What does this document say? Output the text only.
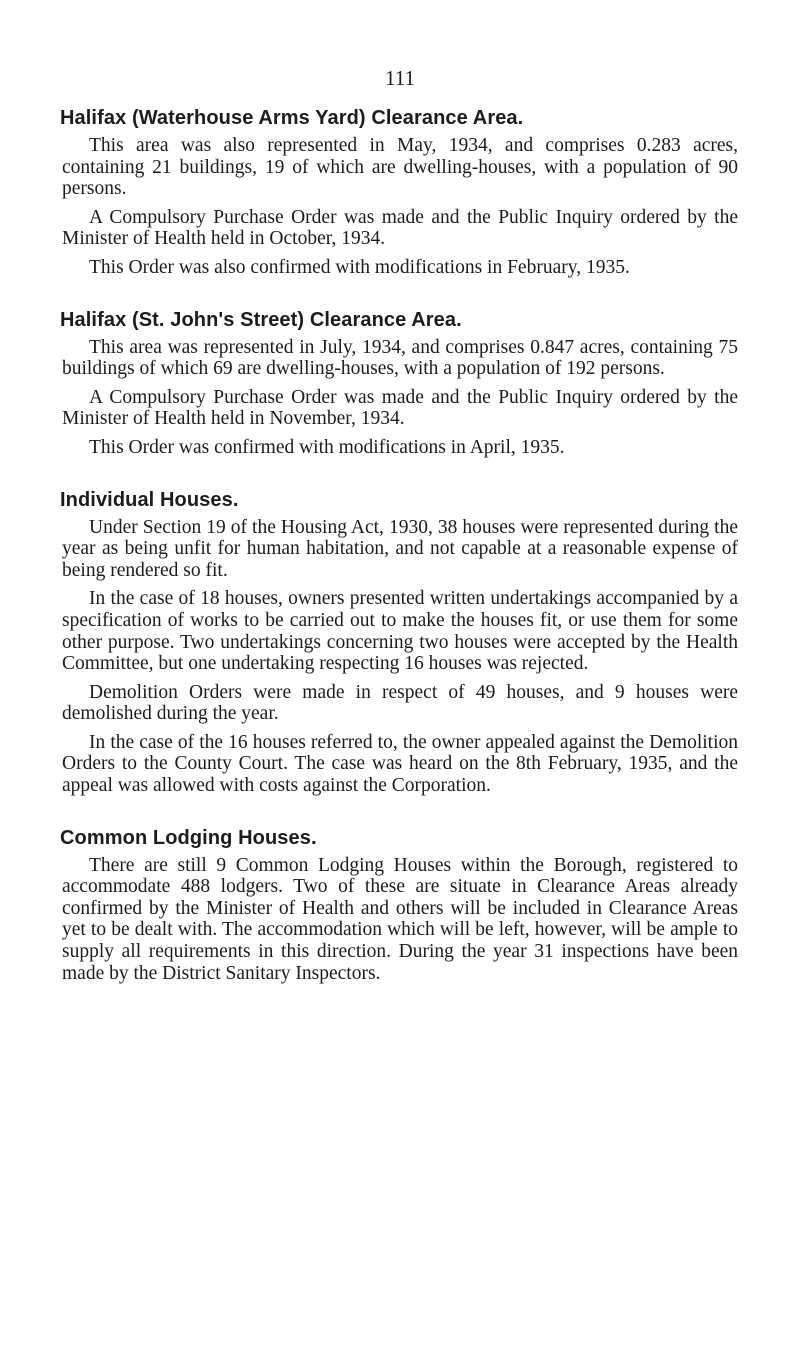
111
Halifax (Waterhouse Arms Yard) Clearance Area.

This area was also represented in May, 1934, and comprises 0.283 acres, containing 21 buildings, 19 of which are dwelling-houses, with a population of 90 persons.

A Compulsory Purchase Order was made and the Public Inquiry ordered by the Minister of Health held in October, 1934.

This Order was also confirmed with modifications in February, 1935.

Halifax (St. John's Street) Clearance Area.

This area was represented in July, 1934, and comprises 0.847 acres, containing 75 buildings of which 69 are dwelling-houses, with a population of 192 persons.

A Compulsory Purchase Order was made and the Public Inquiry ordered by the Minister of Health held in November, 1934.

This Order was confirmed with modifications in April, 1935.

Individual Houses.

Under Section 19 of the Housing Act, 1930, 38 houses were represented during the year as being unfit for human habitation, and not capable at a reasonable expense of being rendered so fit.

In the case of 18 houses, owners presented written undertakings accompanied by a specification of works to be carried out to make the houses fit, or use them for some other purpose. Two undertakings concerning two houses were accepted by the Health Committee, but one undertaking respecting 16 houses was rejected.

Demolition Orders were made in respect of 49 houses, and 9 houses were demolished during the year.

In the case of the 16 houses referred to, the owner appealed against the Demolition Orders to the County Court. The case was heard on the 8th February, 1935, and the appeal was allowed with costs against the Corporation.

Common Lodging Houses.

There are still 9 Common Lodging Houses within the Borough, registered to accommodate 488 lodgers. Two of these are situate in Clearance Areas already confirmed by the Minister of Health and others will be included in Clearance Areas yet to be dealt with. The accommodation which will be left, however, will be ample to supply all requirements in this direction. During the year 31 inspections have been made by the District Sanitary Inspectors.
